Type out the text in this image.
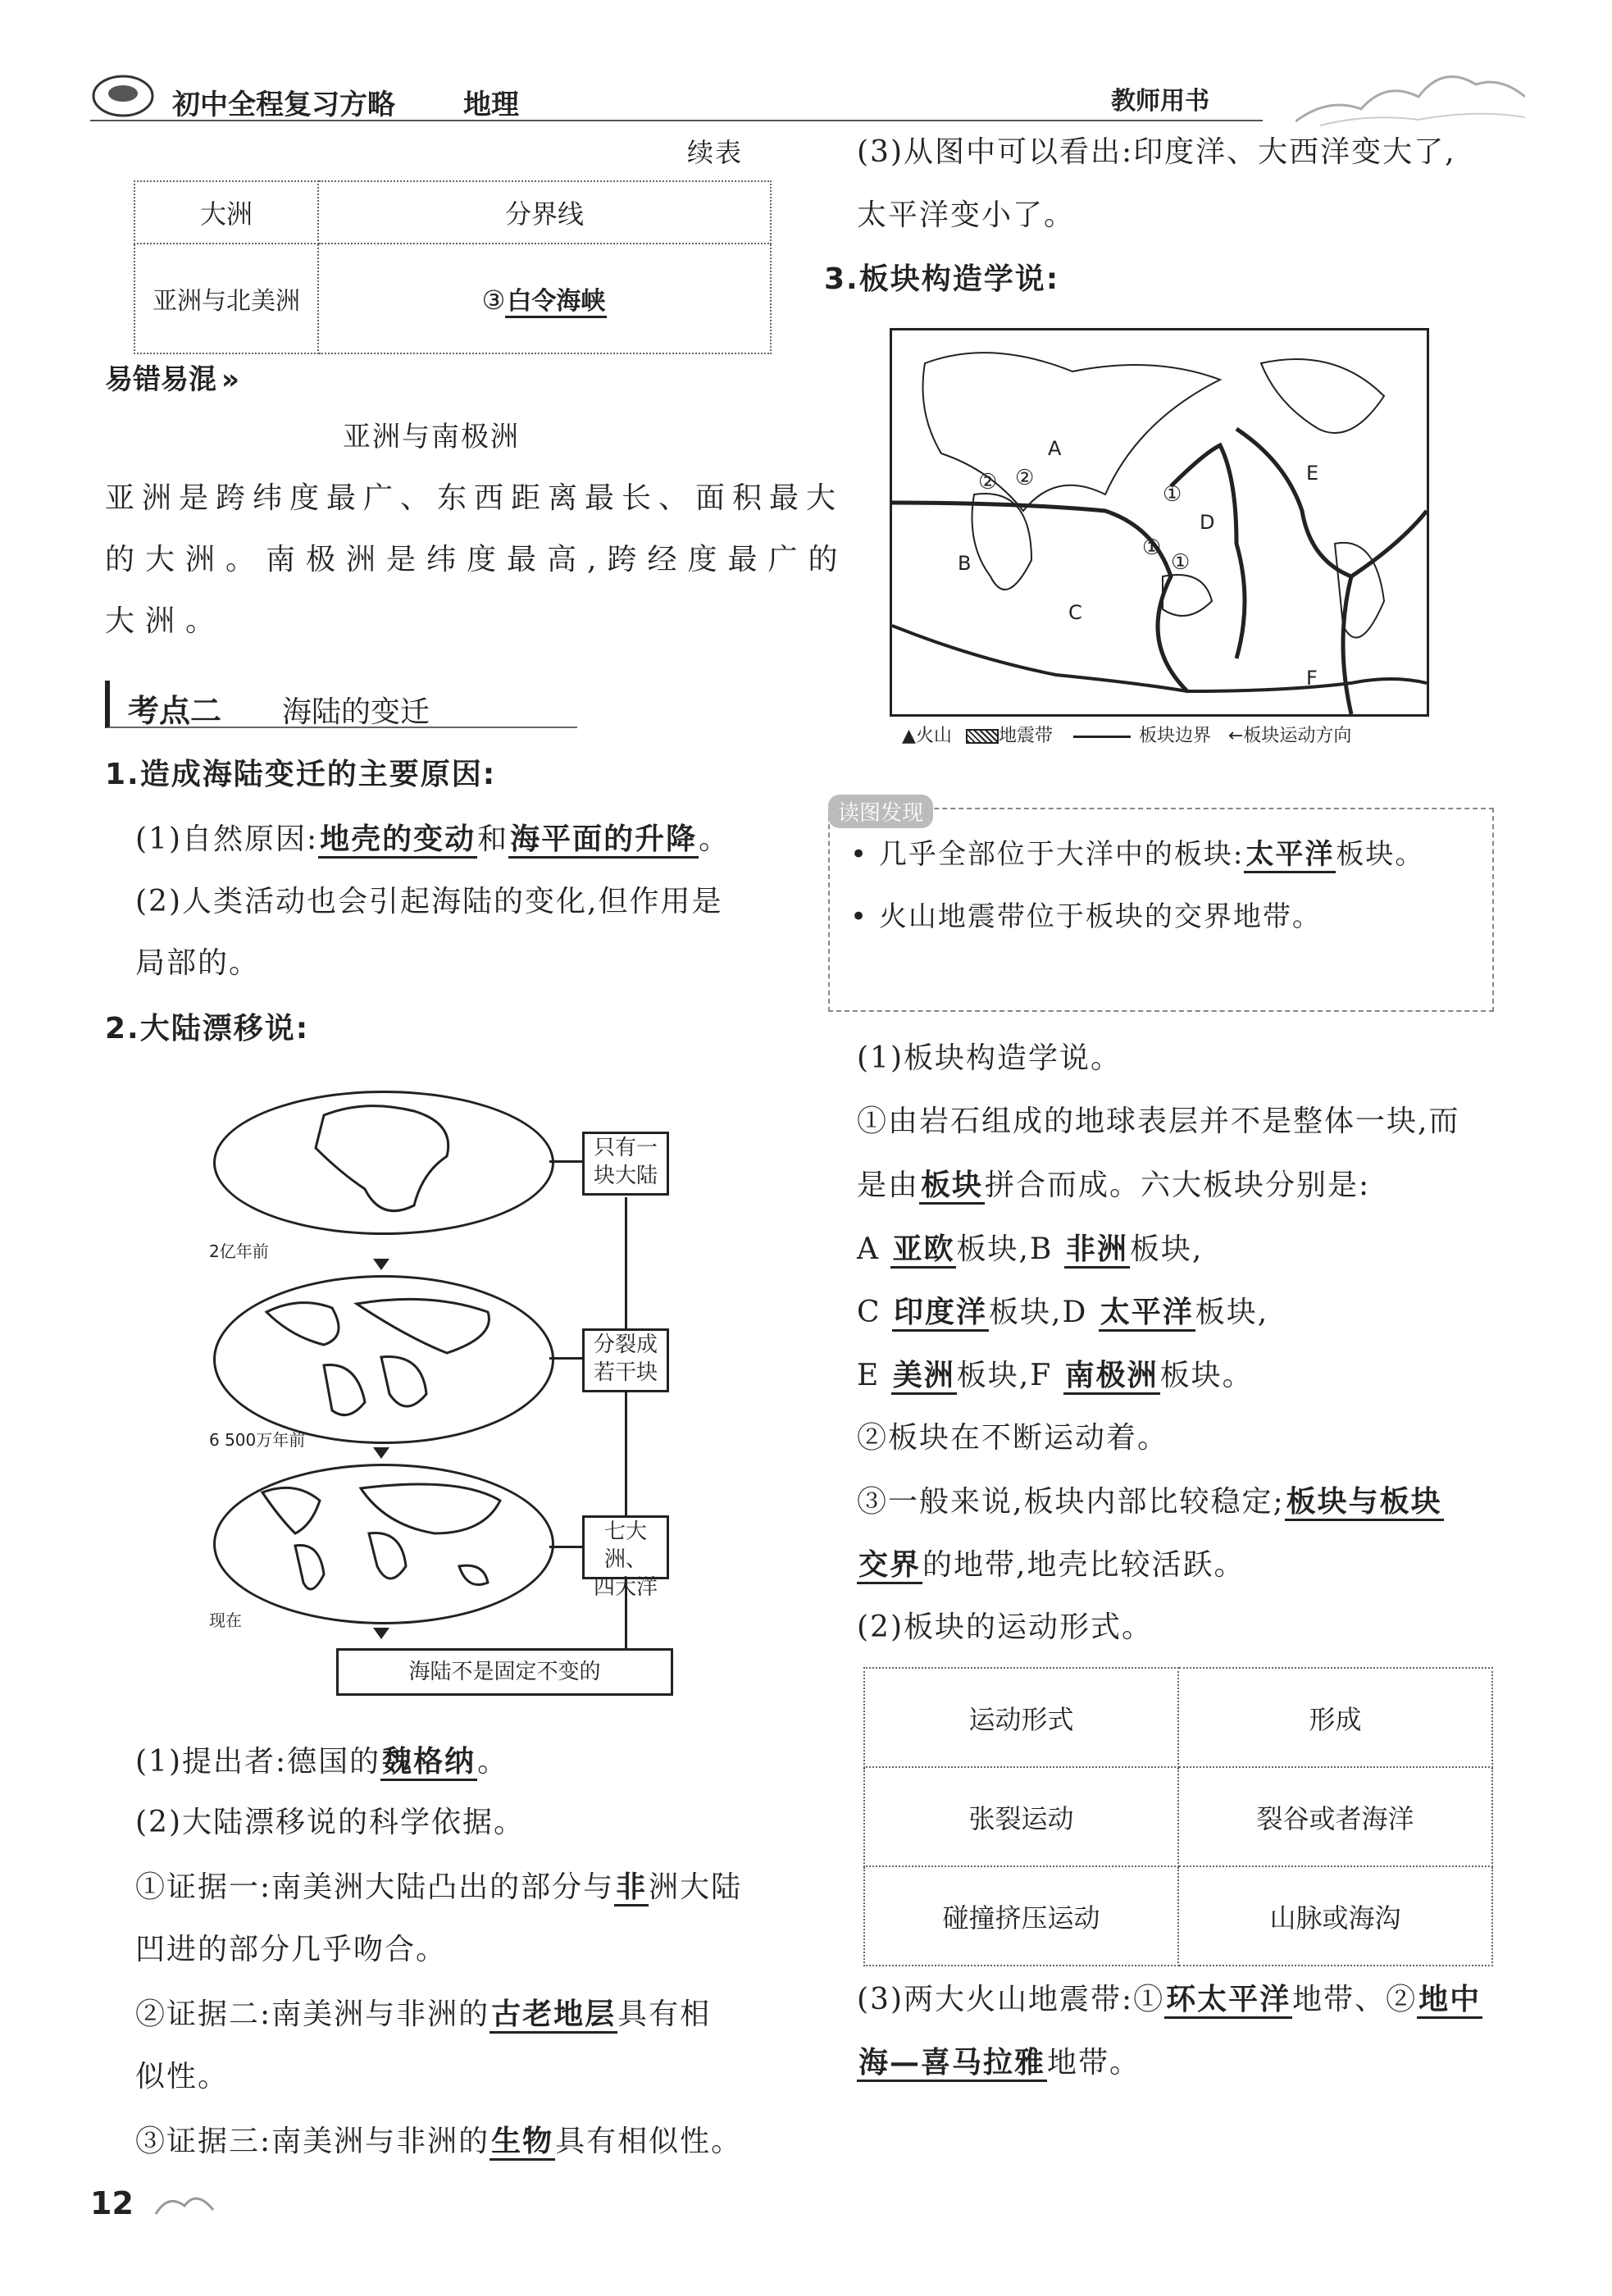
初中全程复习方略 地理	教师用书
续表
大洲	分界线
亚洲与北美洲	③白令海峡
易错易混 »
亚洲与南极洲
亚洲是跨纬度最广、东西距离最长、面积最大
的大洲。南极洲是纬度最高,跨经度最广的
大洲。
考点二 海陆的变迁
1.造成海陆变迁的主要原因:
(1)自然原因:地壳的变动和海平面的升降。
(2)人类活动也会引起海陆的变化,但作用是
局部的。
2.大陆漂移说:
2亿年前
6 500万年前
现在
只有一
块大陆
分裂成
若干块
七大洲、
四大洋
海陆不是固定不变的
(1)提出者:德国的魏格纳。
(2)大陆漂移说的科学依据。
①证据一:南美洲大陆凸出的部分与非洲大陆
凹进的部分几乎吻合。
②证据二:南美洲与非洲的古老地层具有相
似性。
③证据三:南美洲与非洲的生物具有相似性。
12
(3)从图中可以看出:印度洋、大西洋变大了,
太平洋变小了。
3.板块构造学说:
A
B
C
D
E
F
② ②
①
①
①
▲火山	地震带	板块边界 ←板块运动方向
读图发现
• 几乎全部位于大洋中的板块:太平洋板块。
• 火山地震带位于板块的交界地带。
(1)板块构造学说。
①由岩石组成的地球表层并不是整体一块,而
是由板块拼合而成。六大板块分别是:
A 亚欧板块,B 非洲板块,
C 印度洋板块,D 太平洋板块,
E 美洲板块,F 南极洲板块。
②板块在不断运动着。
③一般来说,板块内部比较稳定;板块与板块
交界的地带,地壳比较活跃。
(2)板块的运动形式。
运动形式	形成
张裂运动	裂谷或者海洋
碰撞挤压运动	山脉或海沟
(3)两大火山地震带:①环太平洋地带、②地中
海—喜马拉雅地带。
